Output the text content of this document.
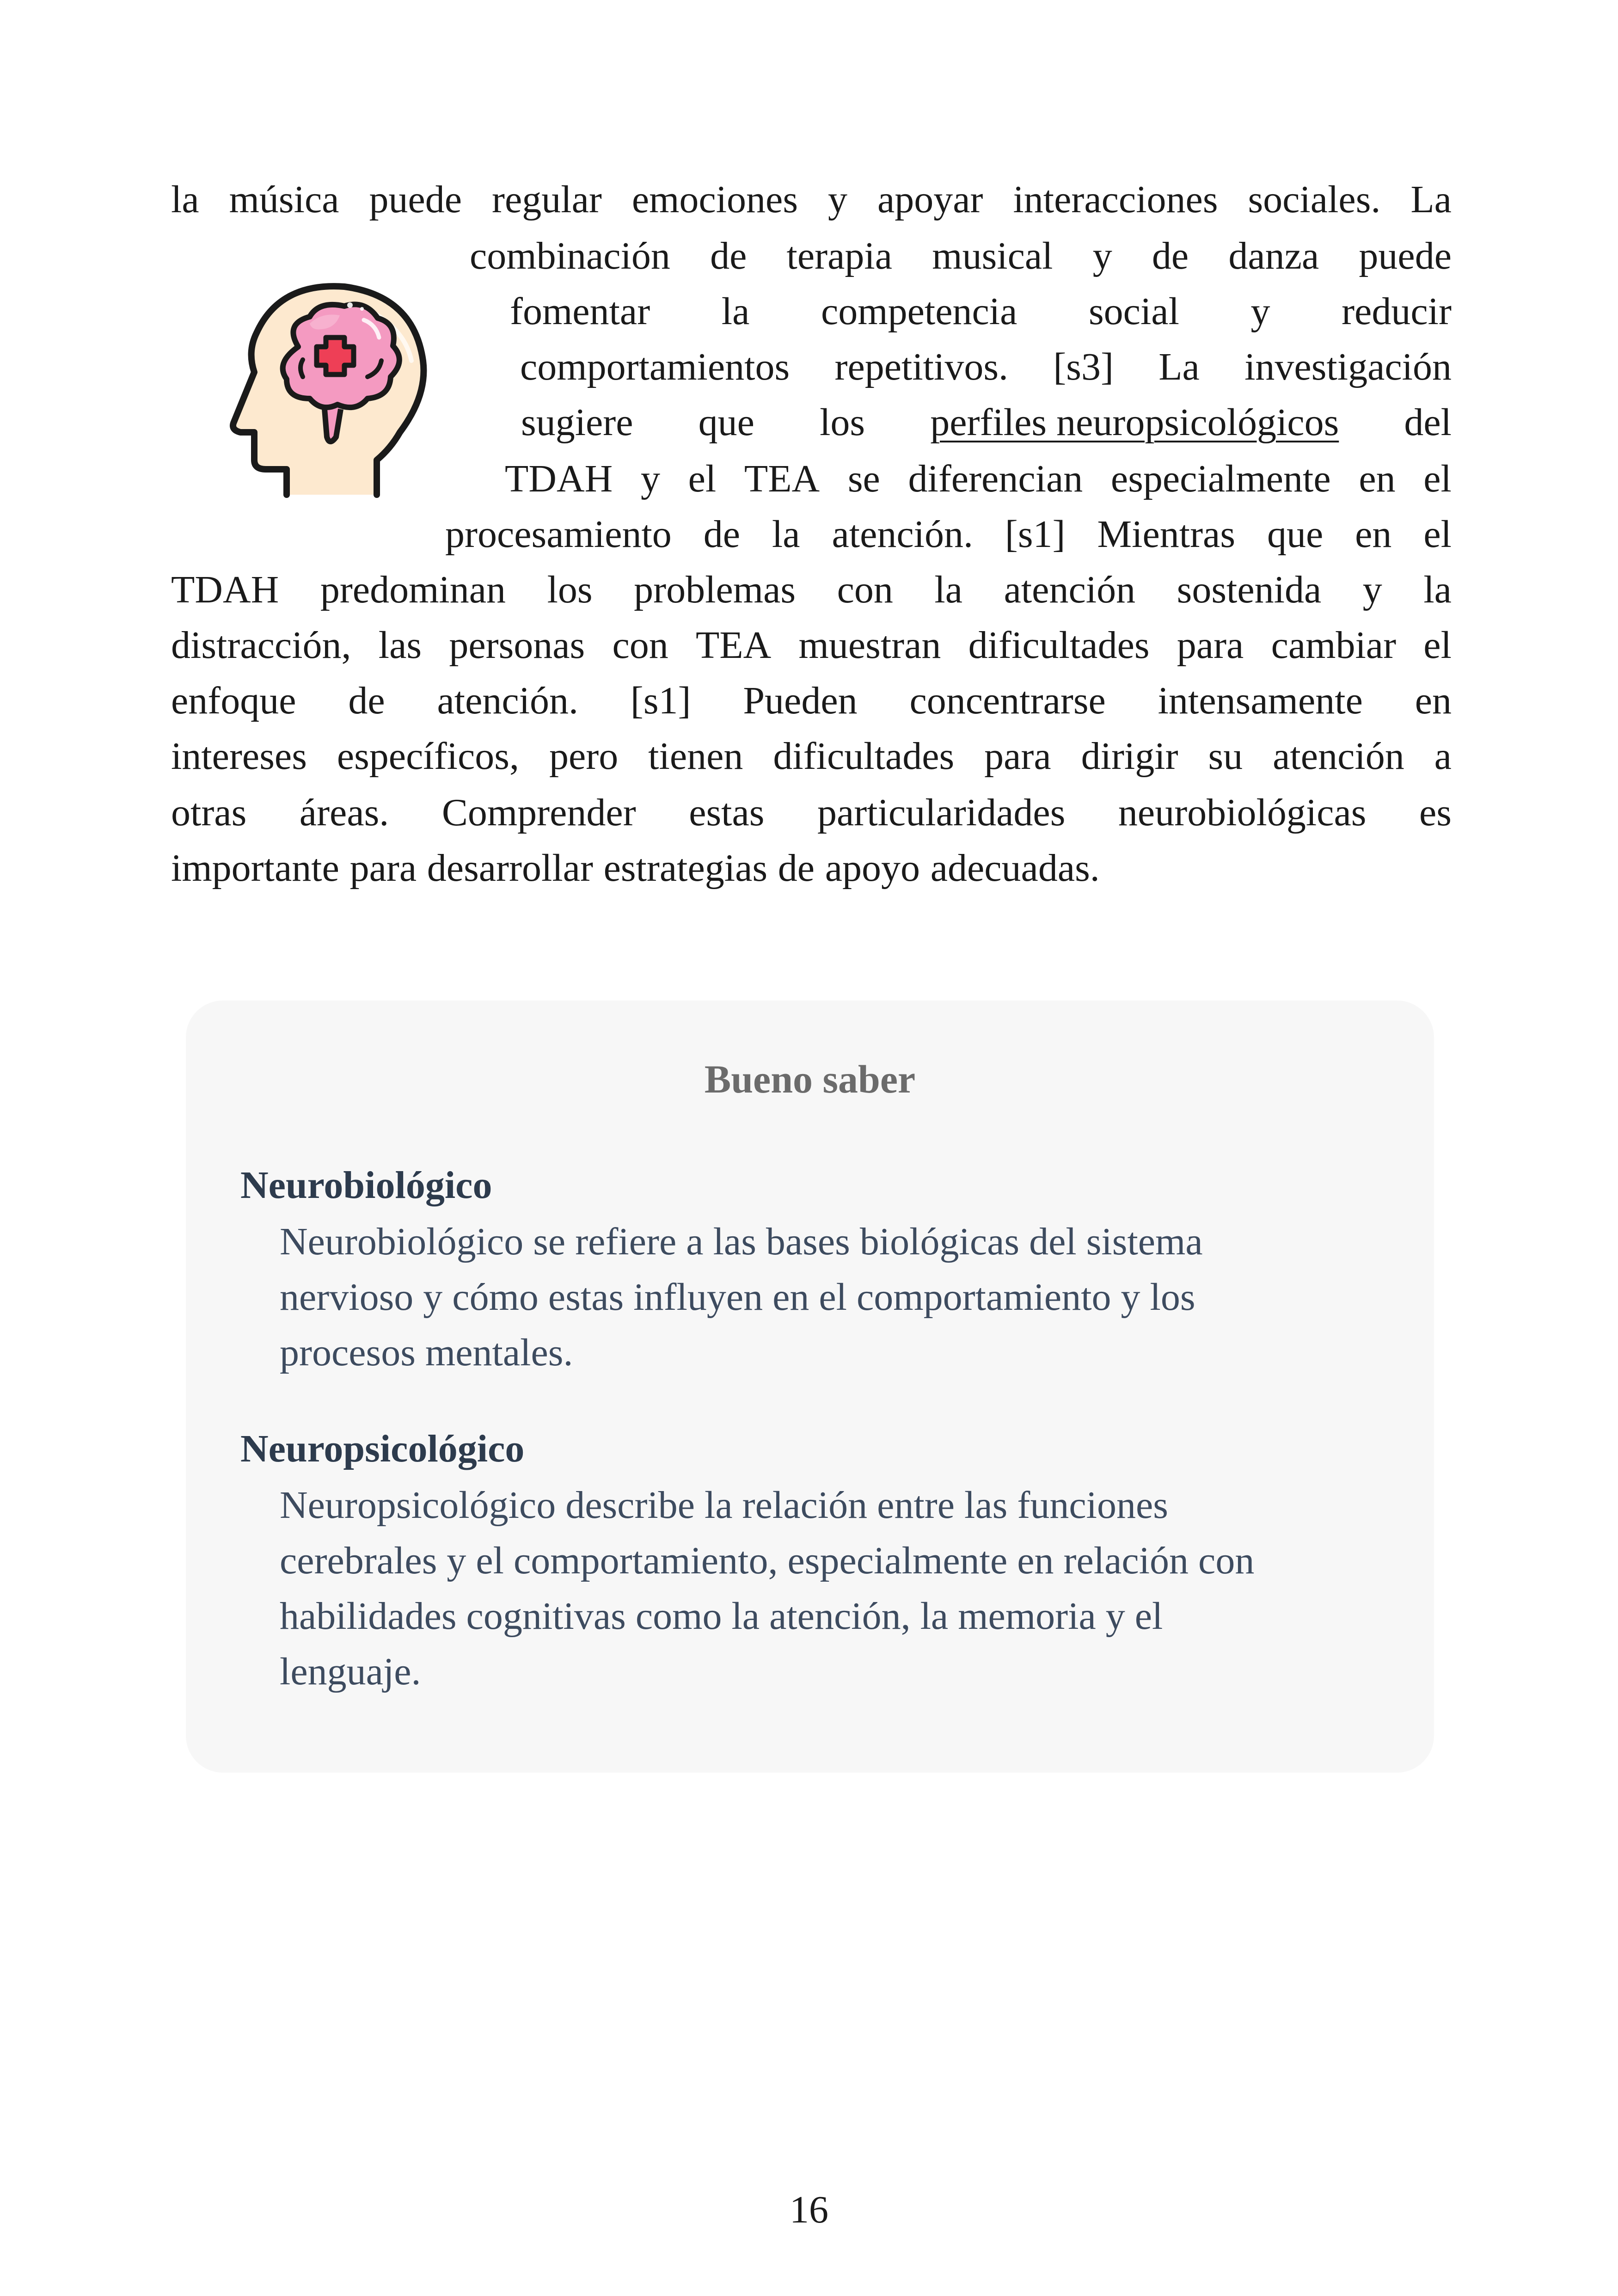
la música puede regular emociones y apoyar interacciones sociales. La
combinación de terapia musical y de danza puede
fomentar la competencia social y reducir
comportamientos repetitivos. [s3] La investigación
sugiere que los perfiles neuropsicológicos del
TDAH y el TEA se diferencian especialmente en el
procesamiento de la atención. [s1] Mientras que en el
TDAH predominan los problemas con la atención sostenida y la
distracción, las personas con TEA muestran dificultades para cambiar el
enfoque de atención. [s1] Pueden concentrarse intensamente en
intereses específicos, pero tienen dificultades para dirigir su atención a
otras áreas. Comprender estas particularidades neurobiológicas es
importante para desarrollar estrategias de apoyo adecuadas.
Bueno saber
Neurobiológico
Neurobiológico se refiere a las bases biológicas del sistema
nervioso y cómo estas influyen en el comportamiento y los
procesos mentales.
Neuropsicológico
Neuropsicológico describe la relación entre las funciones
cerebrales y el comportamiento, especialmente en relación con
habilidades cognitivas como la atención, la memoria y el
lenguaje.
16
